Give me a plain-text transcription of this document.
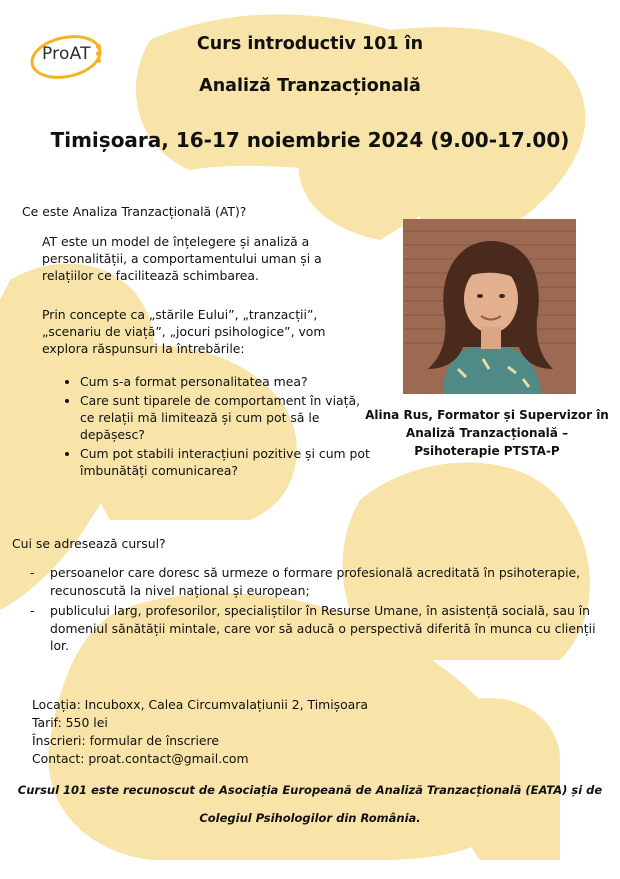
ProAT	Curs introductiv 101 în
Analiză Tranzacțională
Timișoara, 16-17 noiembrie 2024 (9.00-17.00)
Ce este Analiza Tranzacțională (AT)?
AT este un model de înțelegere și analiză a personalității, a comportamentului uman și a relațiilor ce facilitează schimbarea.
Prin concepte ca „stările Eului”, „tranzacții”, „scenariu de viață”, „jocuri psihologice”, vom explora răspunsuri la întrebările:
• Cum s-a format personalitatea mea?
• Care sunt tiparele de comportament în viață, ce relații mă limitează și cum pot să le depășesc?
• Cum pot stabili interacțiuni pozitive și cum pot îmbunătăți comunicarea?
Alina Rus, Formator și Supervizor în Analiză Tranzacțională – Psihoterapie PTSTA-P
Cui se adresează cursul?
- persoanelor care doresc să urmeze o formare profesională acreditată în psihoterapie, recunoscută la nivel național și european;
- publicului larg, profesorilor, specialiștilor în Resurse Umane, în asistență socială, sau în domeniul sănătății mintale, care vor să aducă o perspectivă diferită în munca cu clienții lor.
Locația: Incuboxx, Calea Circumvalațiunii 2, Timișoara
Tarif: 550 lei
Înscrieri: formular de înscriere
Contact: proat.contact@gmail.com
Cursul 101 este recunoscut de Asociația Europeană de Analiză Tranzacțională (EATA) și de
Colegiul Psihologilor din România.
